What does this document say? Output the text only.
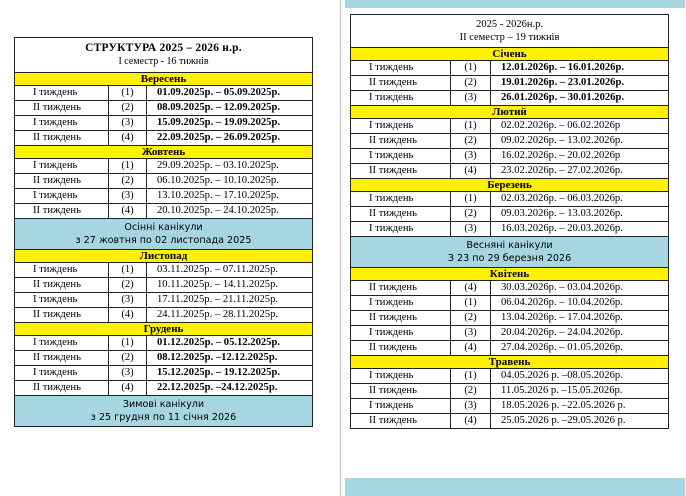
СТРУКТУРА 2025 – 2026 н.р.
І семестр - 16 тижнів		

Вересень		
І тиждень	(1)	01.09.2025р. – 05.09.2025р.
ІІ тиждень	(2)	08.09.2025р. – 12.09.2025р.
І тиждень	(3)	15.09.2025р. – 19.09.2025р.
ІІ тиждень	(4)	22.09.2025р. – 26.09.2025р.
Жовтень		
І тиждень	(1)	29.09.2025р. – 03.10.2025р.
ІІ тиждень	(2)	06.10.2025р. – 10.10.2025р.
І тиждень	(3)	13.10.2025р. – 17.10.2025р.
ІІ тиждень	(4)	20.10.2025р. – 24.10.2025р.

Осінні канікули
з 27 жовтня по 02 листопада 2025		

Листопад		
І тиждень	(1)	03.11.2025р. – 07.11.2025р.
ІІ тиждень	(2)	10.11.2025р. – 14.11.2025р.
І тиждень	(3)	17.11.2025р. – 21.11.2025р.
ІІ тиждень	(4)	24.11.2025р. – 28.11.2025р.
Грудень		
І тиждень	(1)	01.12.2025р. – 05.12.2025р.
ІІ тиждень	(2)	08.12.2025р. –12.12.2025р.
І тиждень	(3)	15.12.2025р. – 19.12.2025р.
ІІ тиждень	(4)	22.12.2025р. –24.12.2025р.

Зимові канікули
з 25 грудня по 11 січня 2026		
2025 - 2026н.р.
ІІ семестр – 19 тижнів		

Січень		
І тиждень	(1)	12.01.2026р. – 16.01.2026р.
ІІ тиждень	(2)	19.01.2026р. – 23.01.2026р.
І тиждень	(3)	26.01.2026р. – 30.01.2026р.
Лютий		
І тиждень	(1)	02.02.2026р. – 06.02.2026р
ІІ тиждень	(2)	09.02.2026р. – 13.02.2026р.
І тиждень	(3)	16.02.2026р. – 20.02.2026р
ІІ тиждень	(4)	23.02.2026р. – 27.02.2026р.
Березень		
І тиждень	(1)	02.03.2026р. – 06.03.2026р.
ІІ тиждень	(2)	09.03.2026р. – 13.03.2026р.
І тиждень	(3)	16.03.2026р. – 20.03.2026р.

Весняні канікули
З 23 по 29 березня 2026		

Квітень		
ІІ тиждень	(4)	30.03.2026р. – 03.04.2026р.
І тиждень	(1)	06.04.2026р. – 10.04.2026р.
ІІ тиждень	(2)	13.04.2026р. – 17.04.2026р.
І тиждень	(3)	20.04.2026р. – 24.04.2026р.
ІІ тиждень	(4)	27.04.2026р. – 01.05.2026р.
Травень		
І тиждень	(1)	04.05.2026 р. –08.05.2026р.
ІІ тиждень	(2)	11.05.2026 р. –15.05.2026р.
І тиждень	(3)	18.05.2026 р. –22.05.2026 р.
ІІ тиждень	(4)	25.05.2026 р. –29.05.2026 р.
